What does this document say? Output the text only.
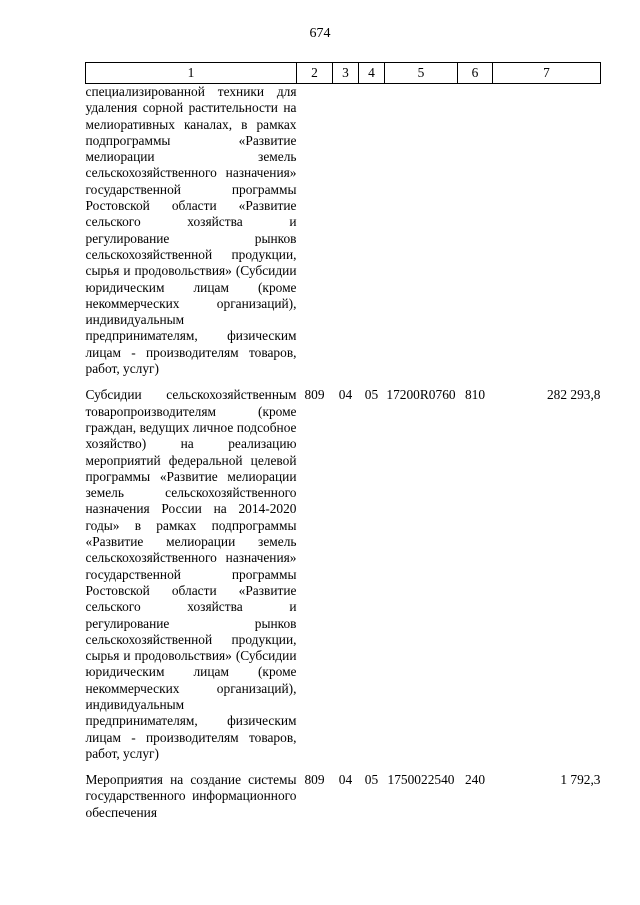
674
1	2	3	4	5	6	7
специализированной техники для удаления сорной растительности на мелиоративных каналах, в рамках подпрограммы «Развитие мелиорации земель сельскохозяйственного назначения» государственной программы Ростовской области «Развитие сельского хозяйства и регулирование рынков сельскохозяйственной продукции, сырья и продовольствия» (Субсидии юридическим лицам (кроме некоммерческих организаций), индивидуальным предпринимателям, физическим лицам - производителям товаров, работ, услуг)						

Субсидии сельскохозяйственным товаропроизводителям (кроме граждан, ведущих личное подсобное хозяйство) на реализацию мероприятий федеральной целевой программы «Развитие мелиорации земель сельскохозяйственного назначения России на 2014-2020 годы» в рамках подпрограммы «Развитие мелиорации земель сельскохозяйственного назначения» государственной программы Ростовской области «Развитие сельского хозяйства и регулирование рынков сельскохозяйственной продукции, сырья и продовольствия» (Субсидии юридическим лицам (кроме некоммерческих организаций), индивидуальным предпринимателям, физическим лицам - производителям товаров, работ, услуг)	809	04	05	17200R0760	810	282 293,8

Мероприятия на создание системы государственного информационного обеспечения	809	04	05	1750022540	240	1 792,3
